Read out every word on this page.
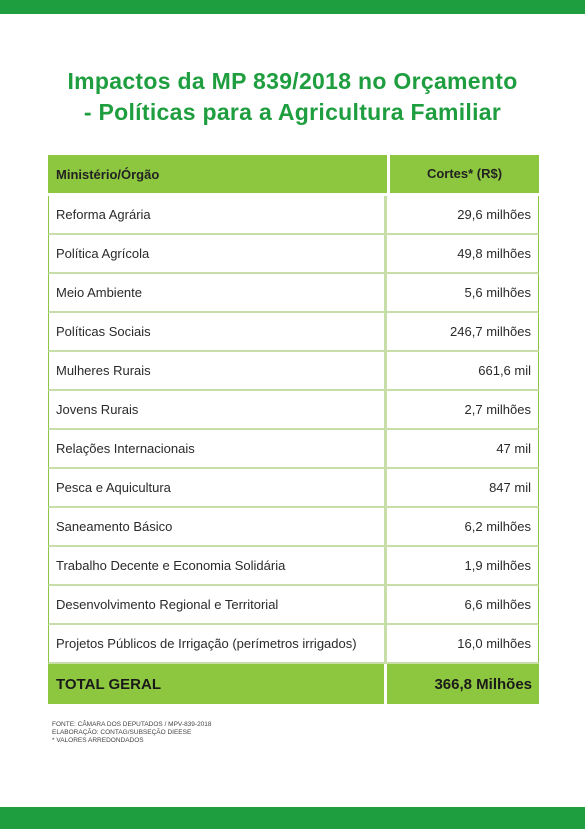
Impactos da MP 839/2018 no Orçamento
- Políticas para a Agricultura Familiar
Ministério/Órgão	Cortes* (R$)
Reforma Agrária	29,6 milhões
Política Agrícola	49,8 milhões
Meio Ambiente	5,6 milhões
Políticas Sociais	246,7 milhões
Mulheres Rurais	661,6 mil
Jovens Rurais	2,7 milhões
Relações Internacionais	47 mil
Pesca e Aquicultura	847 mil
Saneamento Básico	6,2 milhões
Trabalho Decente e Economia Solidária	1,9 milhões
Desenvolvimento Regional e Territorial	6,6 milhões
Projetos Públicos de Irrigação (perímetros irrigados)	16,0 milhões
TOTAL GERAL	366,8 Milhões
FONTE: CÂMARA DOS DEPUTADOS / MPV-839-2018
ELABORAÇÃO: CONTAG/SUBSEÇÃO DIEESE
* VALORES ARREDONDADOS
